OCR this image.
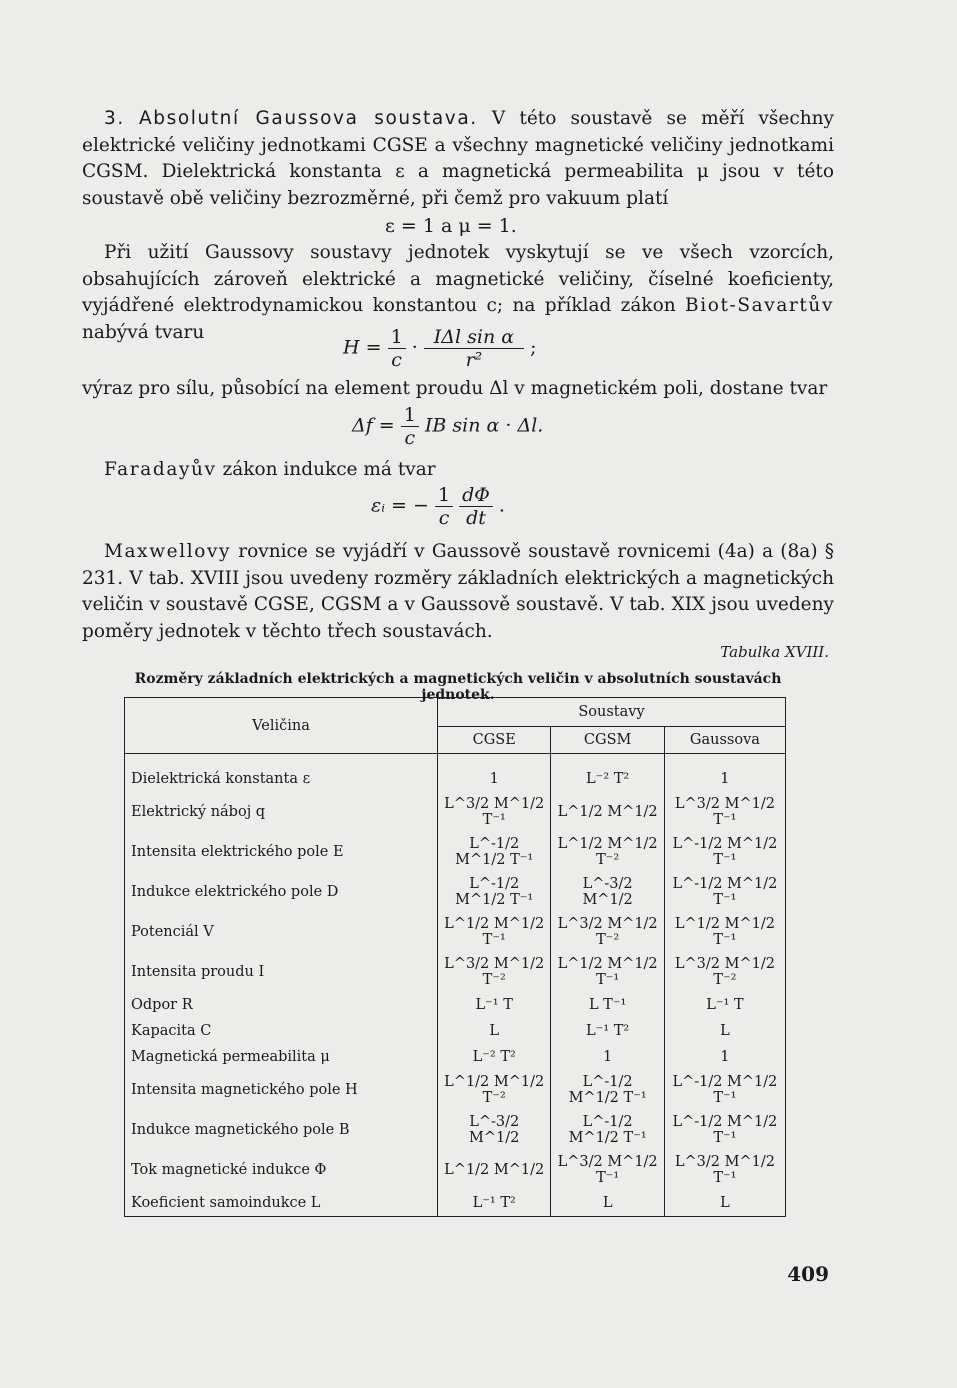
3. Absolutní Gaussova soustava. V této soustavě se měří všechny elektrické veličiny jednotkami CGSE a všechny magnetické veličiny jednotkami CGSM. Dielektrická konstanta ε a magnetická permeabilita μ jsou v této soustavě obě veličiny bezrozměrné, při čemž pro vakuum platí

ε = 1 a μ = 1.

Při užití Gaussovy soustavy jednotek vyskytují se ve všech vzorcích, obsahujících zároveň elektrické a magnetické veličiny, číselné koeficienty, vyjádřené elektrodynamickou konstantou c; na příklad zákon Biot-Savartův nabývá tvaru

$H = \frac{1}{c} \cdot \frac{\text{IΔl sin α}}{\text{r²}}$ ;

výraz pro sílu, působící na element proudu Δl v magnetickém poli, dostane tvar

$\Delta f = \frac{1}{c}$ IB sin α · Δl.

Faradayův zákon indukce má tvar

εᵢ = − $\frac{1}{c}$
$\frac{d\Phi}{dt}$ .

Maxwellovy rovnice se vyjádří v Gaussově soustavě rovnicemi (4a) a (8a) § 231. V tab. XVIII jsou uvedeny rozměry základních elektrických a magnetických veličin v soustavě CGSE, CGSM a v Gaussově soustavě. V tab. XIX jsou uvedeny poměry jednotek v těchto třech soustavách.

Tabulka XVIII.
Rozměry základních elektrických a magnetických veličin v absolutních soustavách jednotek.
Veličina	Soustavy		
	CGSE	CGSM	Gaussova

Dielektrická konstanta ε	1	L⁻² T²	1
Elektrický náboj q	L^3/2 M^1/2 T⁻¹	L^1/2 M^1/2	L^3/2 M^1/2 T⁻¹
Intensita elektrického pole E	L^-1/2 M^1/2 T⁻¹	L^1/2 M^1/2 T⁻²	L^-1/2 M^1/2 T⁻¹
Indukce elektrického pole D	L^-1/2 M^1/2 T⁻¹	L^-3/2 M^1/2	L^-1/2 M^1/2 T⁻¹
Potenciál V	L^1/2 M^1/2 T⁻¹	L^3/2 M^1/2 T⁻²	L^1/2 M^1/2 T⁻¹
Intensita proudu I	L^3/2 M^1/2 T⁻²	L^1/2 M^1/2 T⁻¹	L^3/2 M^1/2 T⁻²
Odpor R	L⁻¹ T	L T⁻¹	L⁻¹ T
Kapacita C	L	L⁻¹ T²	L
Magnetická permeabilita μ	L⁻² T²	1	1
Intensita magnetického pole H	L^1/2 M^1/2 T⁻²	L^-1/2 M^1/2 T⁻¹	L^-1/2 M^1/2 T⁻¹
Indukce magnetického pole B	L^-3/2 M^1/2	L^-1/2 M^1/2 T⁻¹	L^-1/2 M^1/2 T⁻¹
Tok magnetické indukce Φ	L^1/2 M^1/2	L^3/2 M^1/2 T⁻¹	L^3/2 M^1/2 T⁻¹
Koeficient samoindukce L	L⁻¹ T²	L	L
409
